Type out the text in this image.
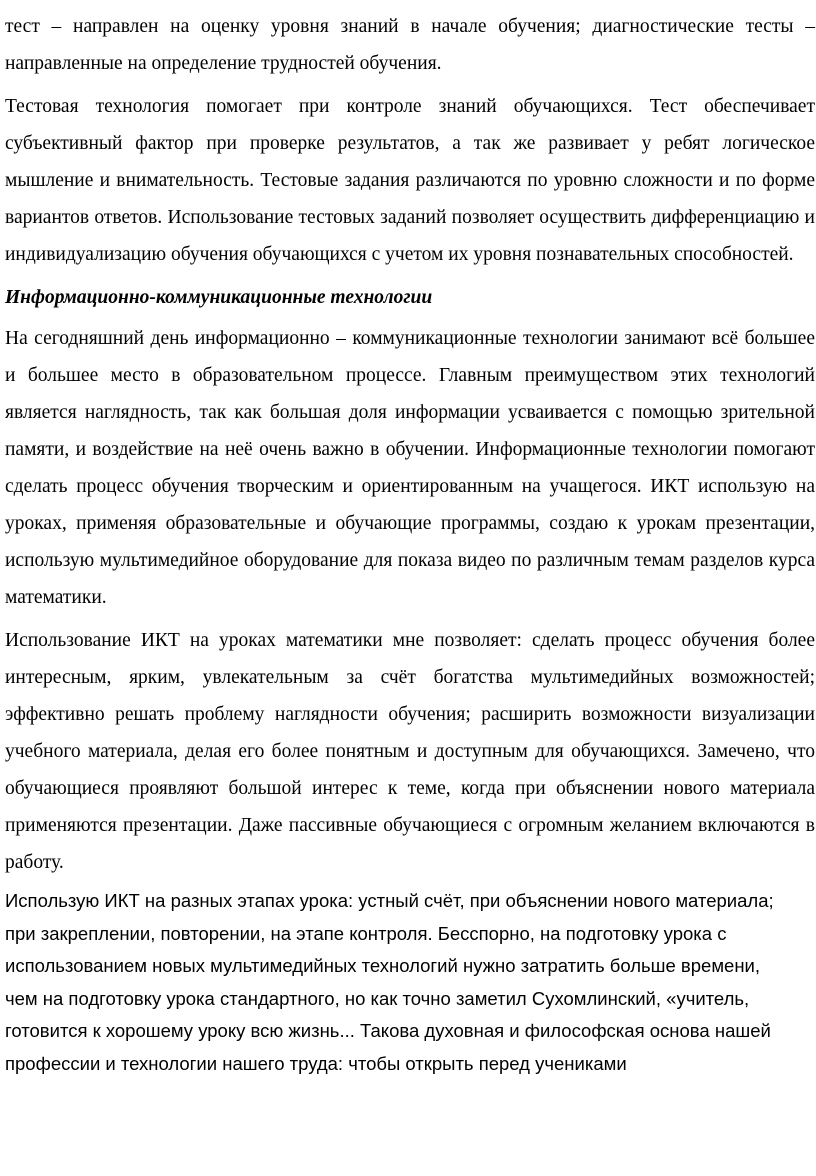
тест – направлен на оценку уровня знаний в начале обучения; диагностические тесты – направленные на определение трудностей обучения.

Тестовая технология помогает при контроле знаний обучающихся. Тест обеспечивает субъективный фактор при проверке результатов, а так же развивает у ребят логическое мышление и внимательность. Тестовые задания различаются по уровню сложности и по форме вариантов ответов. Использование тестовых заданий позволяет осуществить дифференциацию и индивидуализацию обучения обучающихся с учетом их уровня познавательных способностей.

Информационно-коммуникационные технологии

На сегодняшний день информационно – коммуникационные технологии занимают всё большее и большее место в образовательном процессе. Главным преимуществом этих технологий является наглядность, так как большая доля информации усваивается с помощью зрительной памяти, и воздействие на неё очень важно в обучении. Информационные технологии помогают сделать процесс обучения творческим и ориентированным на учащегося. ИКТ использую на уроках, применяя образовательные и обучающие программы, создаю к урокам презентации, использую мультимедийное оборудование для показа видео по различным темам разделов курса математики.

Использование ИКТ на уроках математики мне позволяет: сделать процесс обучения более интересным, ярким, увлекательным за счёт богатства мультимедийных возможностей; эффективно решать проблему наглядности обучения; расширить возможности визуализации учебного материала, делая его более понятным и доступным для обучающихся. Замечено, что обучающиеся проявляют большой интерес к теме, когда при объяснении нового материала применяются презентации. Даже пассивные обучающиеся с огромным желанием включаются в работу.

Использую ИКТ на разных этапах урока: устный счёт, при объяснении нового материала; при закреплении, повторении, на этапе контроля. Бесспорно, на подготовку урока с использованием новых мультимедийных технологий нужно затратить больше времени, чем на подготовку урока стандартного, но как точно заметил Сухомлинский, «учитель, готовится к хорошему уроку всю жизнь... Такова духовная и философская основа нашей профессии и технологии нашего труда: чтобы открыть перед учениками
